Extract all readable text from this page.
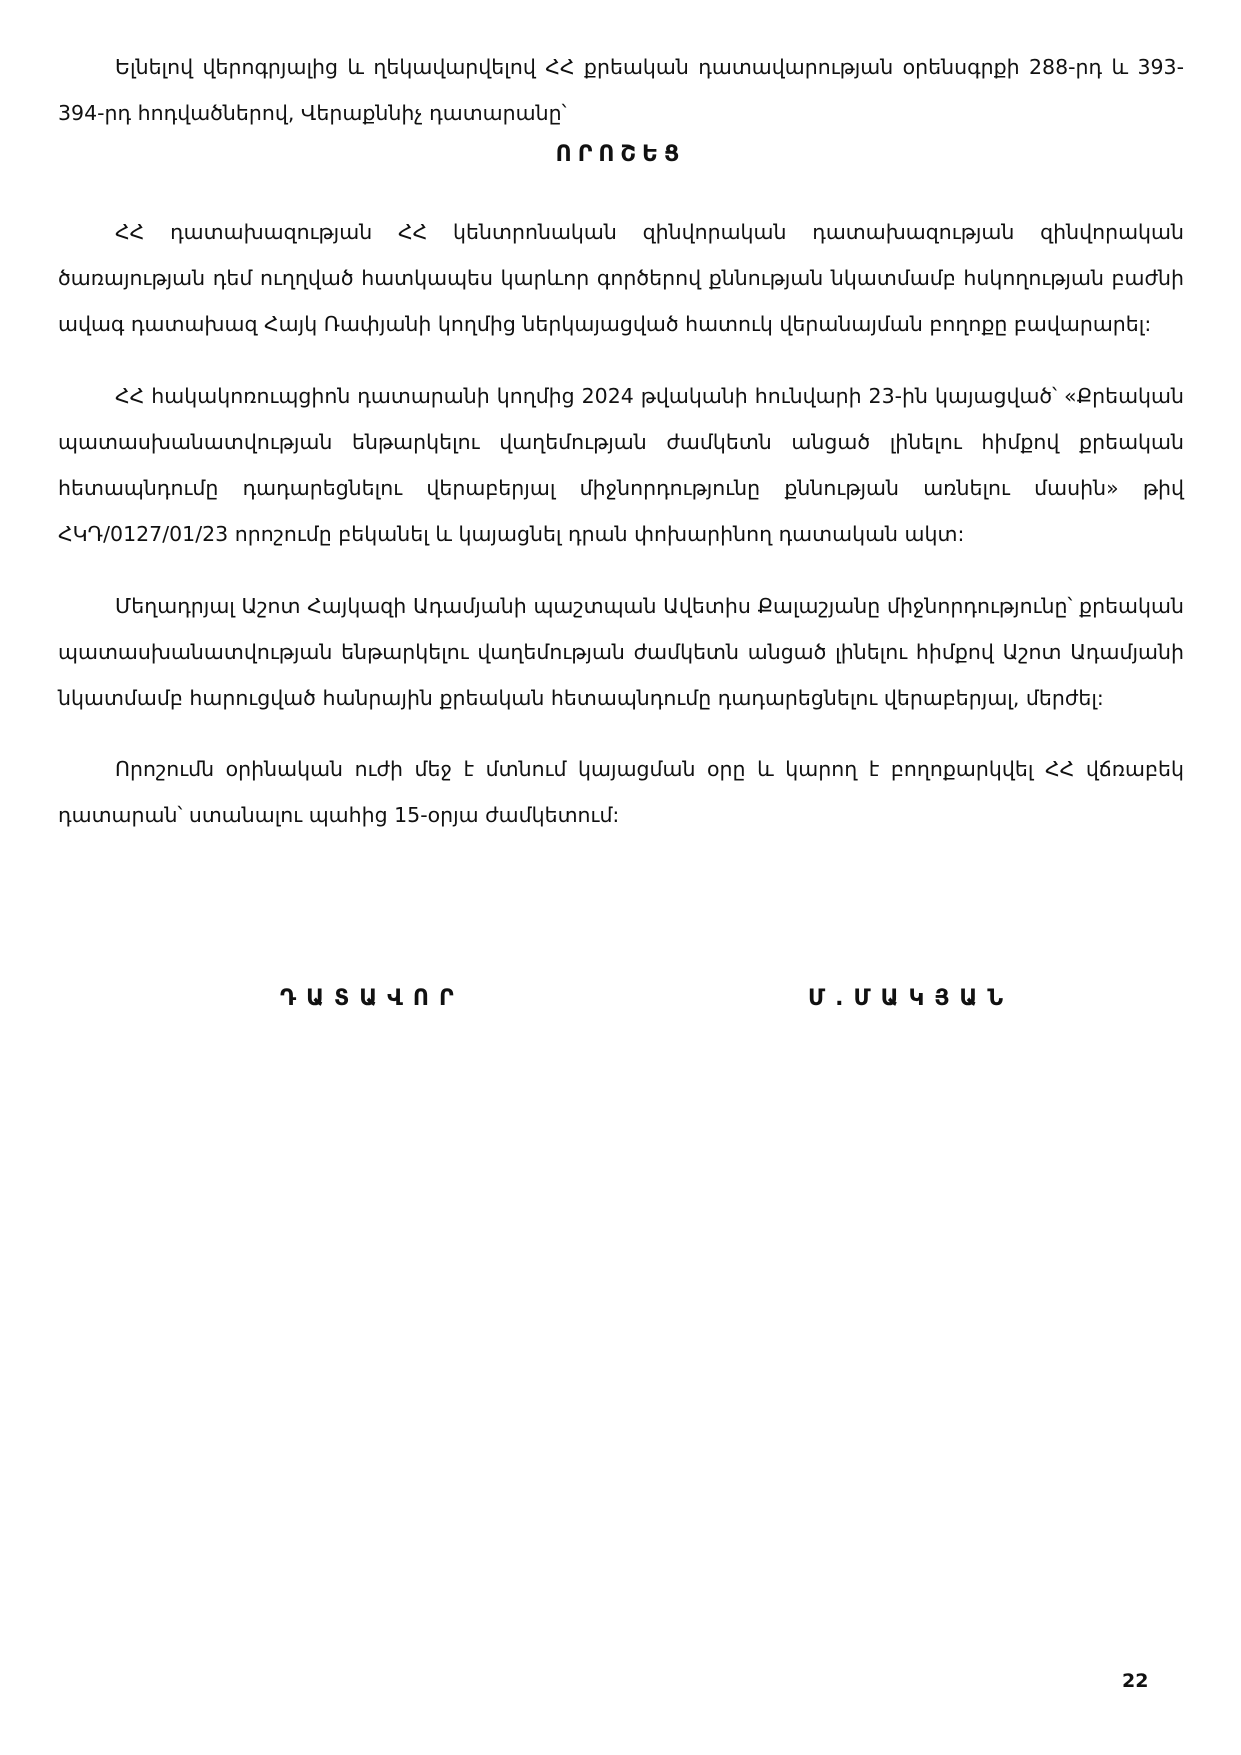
Ելնելով վերոգրյալից և ղեկավարվելով ՀՀ քրեական դատավարության օրենսգրքի 288-րդ և 393-394-րդ հոդվածներով, Վերաքննիչ դատարանը՝

ՈՐՈՇԵՑ

ՀՀ դատախազության ՀՀ կենտրոնական զինվորական դատախազության զինվորական ծառայության դեմ ուղղված հատկապես կարևոր գործերով քննության նկատմամբ հսկողության բաժնի ավագ դատախազ Հայկ Ռափյանի կողմից ներկայացված հատուկ վերանայման բողոքը բավարարել:

ՀՀ հակակոռուպցիոն դատարանի կողմից 2024 թվականի հունվարի 23-ին կայացված՝ «Քրեական պատասխանատվության ենթարկելու վաղեմության ժամկետն անցած լինելու հիմքով քրեական հետապնդումը դադարեցնելու վերաբերյալ միջնորդությունը քննության առնելու մասին» թիվ ՀԿԴ/0127/01/23 որոշումը բեկանել և կայացնել դրան փոխարինող դատական ակտ:

Մեղադրյալ Աշոտ Հայկազի Ադամյանի պաշտպան Ավետիս Քալաշյանը միջնորդությունը՝ քրեական պատասխանատվության ենթարկելու վաղեմության ժամկետն անցած լինելու հիմքով Աշոտ Ադամյանի նկատմամբ հարուցված հանրային քրեական հետապնդումը դադարեցնելու վերաբերյալ, մերժել:

Որոշումն օրինական ուժի մեջ է մտնում կայացման օրը և կարող է բողոքարկվել ՀՀ վճռաբեկ դատարան՝ ստանալու պահից 15-օրյա ժամկետում:

ԴԱՏԱՎՈՐ	Մ.ՄԱԿՅԱՆ
22
